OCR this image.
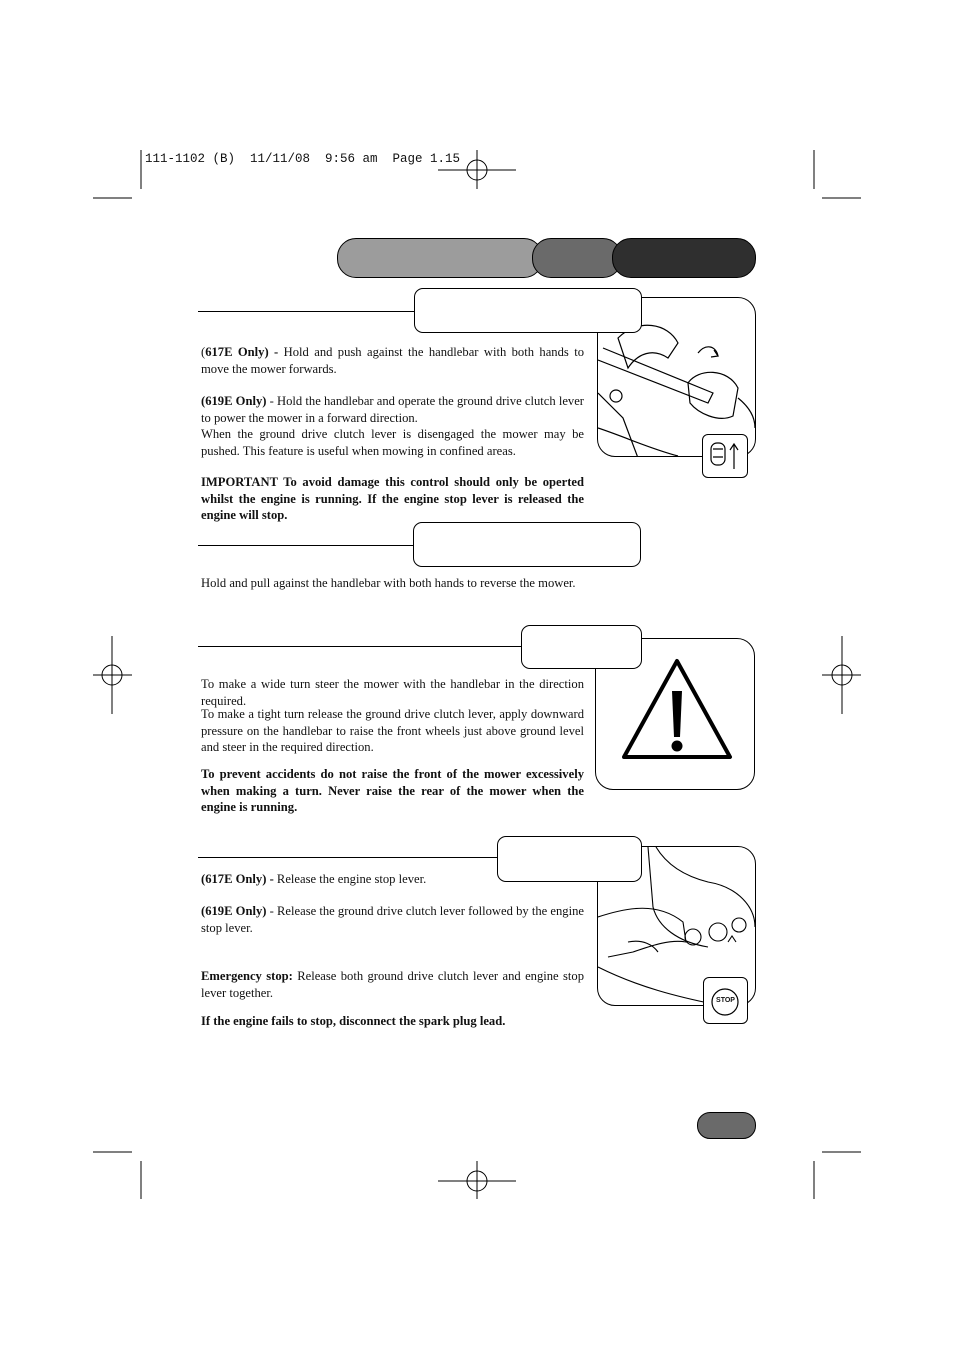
111-1102 (B)  11/11/08  9:56 am  Page 1.15

(617E Only) - Hold and push against the handlebar with both hands to move the mower forwards.

(619E Only) - Hold the handlebar and operate the ground drive clutch lever to power the mower in a forward direction.

When the ground drive clutch lever is disengaged the mower may be pushed. This feature is useful when mowing in confined areas.

IMPORTANT To avoid damage this control should only be operted whilst the engine is running. If the engine stop lever is released the engine will stop.

Hold and pull against the handlebar with both hands to reverse the mower.

To make a wide turn steer the mower with the handlebar in the direction required.

To make a tight turn release the ground drive clutch lever, apply downward pressure on the handlebar to raise the front wheels just above ground level and steer in the required direction.

To prevent accidents do not raise the front of the mower excessively when making a turn. Never raise the rear of the mower when the engine is running.

STOP

(617E Only) - Release the engine stop lever.

(619E Only) - Release the ground drive clutch lever followed by the engine stop lever.

Emergency stop: Release both ground drive clutch lever and engine stop lever together.

If the engine fails to stop, disconnect the spark plug lead.
